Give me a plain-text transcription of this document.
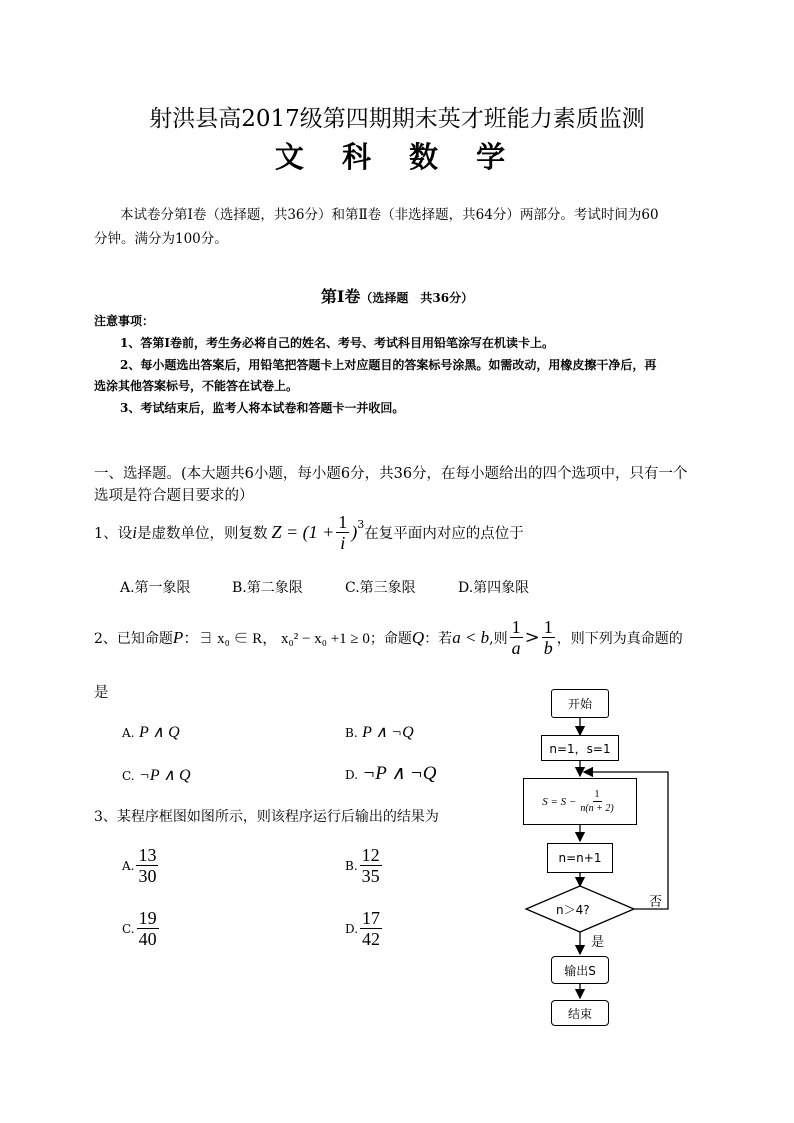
射洪县高2017级第四期期末英才班能力素质监测
文 科 数 学
本试卷分第Ⅰ卷（选择题，共36分）和第Ⅱ卷（非选择题，共64分）两部分。考试时间为60
分钟。满分为100分。
第Ⅰ卷（选择题　共36分）
注意事项：
1、答第Ⅰ卷前，考生务必将自己的姓名、考号、考试科目用铅笔涂写在机读卡上。
2、每小题选出答案后，用铅笔把答题卡上对应题目的答案标号涂黑。如需改动，用橡皮擦干净后，再
选涂其他答案标号，不能答在试卷上。
3、考试结束后，监考人将本试卷和答题卡一并收回。
一、选择题。(本大题共6小题，每小题6分，共36分，在每小题给出的四个选项中，只有一个
选项是符合题目要求的）
1、设 i 是虚数单位，则复数 $Z = (1 + \frac{1}{i} )^3$
在复平面内对应的点位于
A.第一象限	B.第二象限	C.第三象限	D.第四象限
2、已知命题 P ：∃ x₀ ∈ R， x₀² − x₀ +1 ≥ 0 ；命题 Q ：若 a < b ,则 $\frac{1}{a} > \frac{1}{b}$ ，则下列为真命题的
是
A. P ∧ Q	B. P ∧ ¬Q
C. ¬P ∧ Q	D. ¬P ∧ ¬Q
3、某程序框图如图所示，则该程序运行后输出的结果为
A. $\frac{13}{30}$	B. $\frac{12}{35}$
C. $\frac{19}{40}$	D. $\frac{17}{42}$
开始
n=1，s=1
$S = S - \frac{1}{n(n + 2)}$
n=n+1
n＞4?	否
是
输出S
结束
